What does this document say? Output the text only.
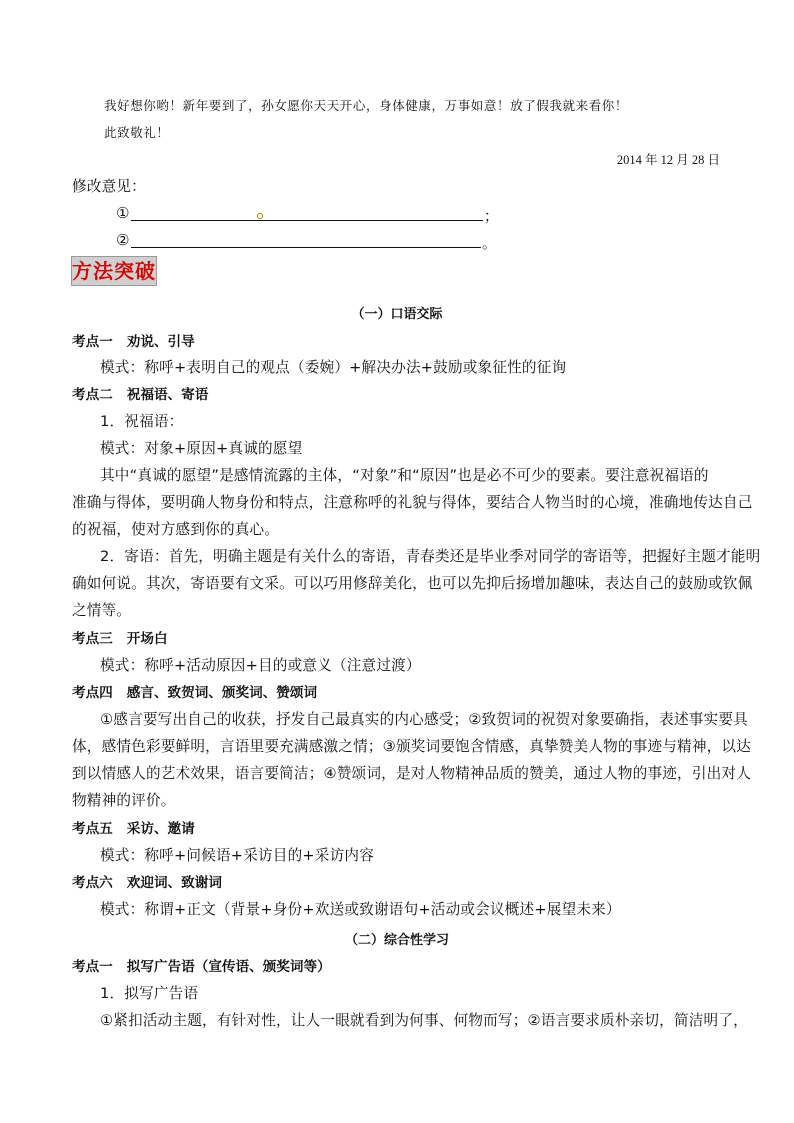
我好想你哟！新年要到了，孙女愿你天天开心，身体健康，万事如意！放了假我就来看你！
此致敬礼！
2014 年 12 月 28 日
修改意见：
①	；
②	。
方法突破
（一）口语交际
考点一 劝说、引导
模式：称呼+表明自己的观点（委婉）+解决办法+鼓励或象征性的征询
考点二 祝福语、寄语
1．祝福语：
模式：对象+原因+真诚的愿望
其中“真诚的愿望”是感情流露的主体，“对象”和“原因”也是必不可少的要素。要注意祝福语的
准确与得体，要明确人物身份和特点，注意称呼的礼貌与得体，要结合人物当时的心境，准确地传达自己
的祝福，使对方感到你的真心。
2．寄语：首先，明确主题是有关什么的寄语，青春类还是毕业季对同学的寄语等，把握好主题才能明
确如何说。其次，寄语要有文采。可以巧用修辞美化，也可以先抑后扬增加趣味，表达自己的鼓励或钦佩
之情等。
考点三 开场白
模式：称呼+活动原因+目的或意义（注意过渡）
考点四 感言、致贺词、颁奖词、赞颂词
①感言要写出自己的收获，抒发自己最真实的内心感受；②致贺词的祝贺对象要确指，表述事实要具
体，感情色彩要鲜明，言语里要充满感激之情；③颁奖词要饱含情感，真挚赞美人物的事迹与精神，以达
到以情感人的艺术效果，语言要简洁；④赞颂词，是对人物精神品质的赞美，通过人物的事迹，引出对人
物精神的评价。
考点五 采访、邀请
模式：称呼+问候语+采访目的+采访内容
考点六 欢迎词、致谢词
模式：称谓+正文（背景+身份+欢送或致谢语句+活动或会议概述+展望未来）
（二）综合性学习
考点一 拟写广告语（宣传语、颁奖词等）
1．拟写广告语
①紧扣活动主题，有针对性，让人一眼就看到为何事、何物而写；②语言要求质朴亲切，简洁明了，
